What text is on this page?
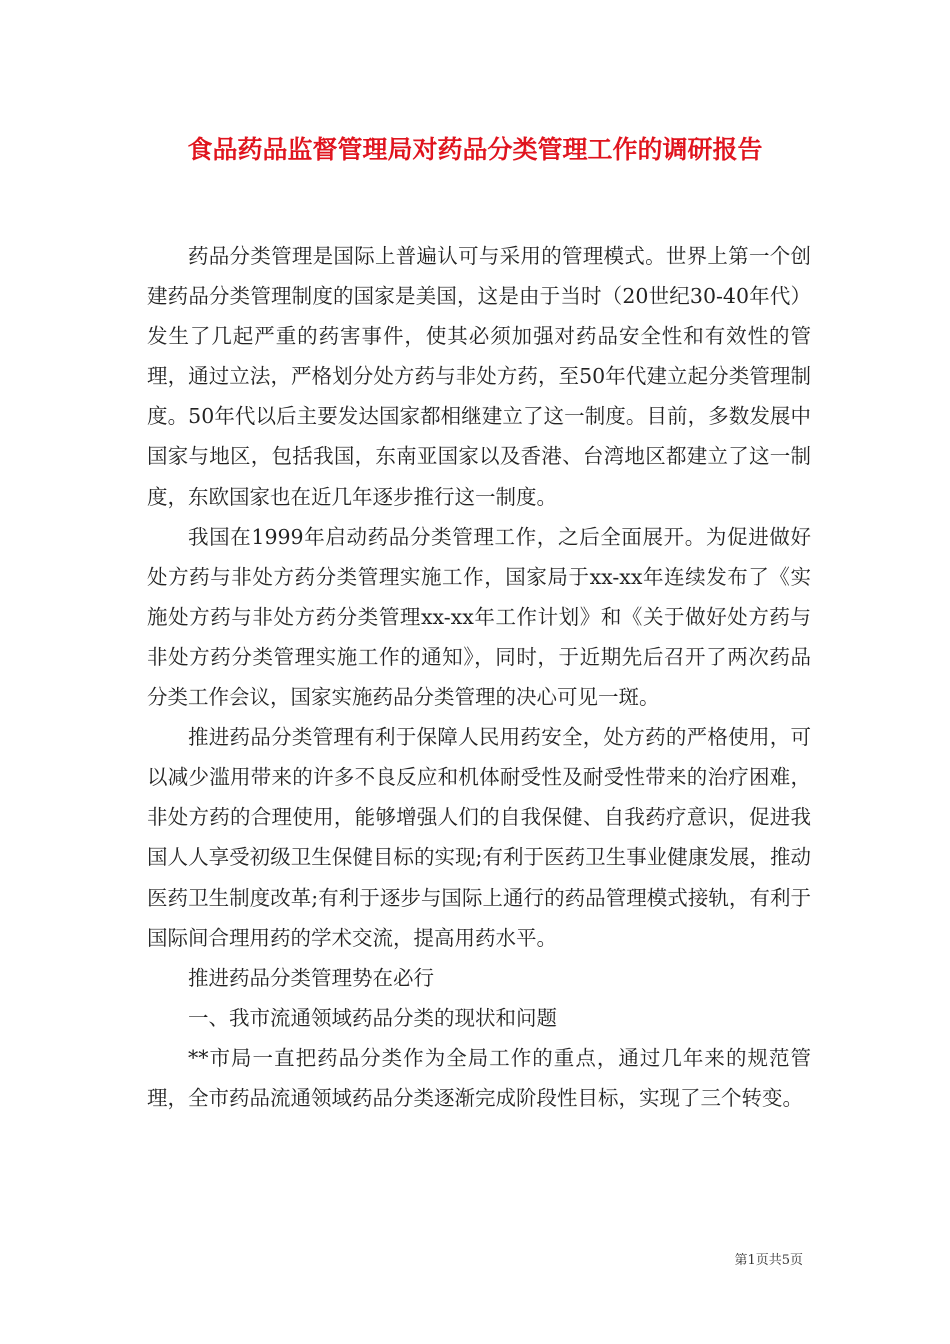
食品药品监督管理局对药品分类管理工作的调研报告

药品分类管理是国际上普遍认可与采用的管理模式。世界上第一个创建药品分类管理制度的国家是美国，这是由于当时（20世纪30-40年代）发生了几起严重的药害事件，使其必须加强对药品安全性和有效性的管理，通过立法，严格划分处方药与非处方药，至50年代建立起分类管理制度。50年代以后主要发达国家都相继建立了这一制度。目前，多数发展中国家与地区，包括我国，东南亚国家以及香港、台湾地区都建立了这一制度，东欧国家也在近几年逐步推行这一制度。

我国在1999年启动药品分类管理工作，之后全面展开。为促进做好处方药与非处方药分类管理实施工作，国家局于xx-xx年连续发布了《实施处方药与非处方药分类管理xx-xx年工作计划》和《关于做好处方药与非处方药分类管理实施工作的通知》，同时，于近期先后召开了两次药品分类工作会议，国家实施药品分类管理的决心可见一斑。

推进药品分类管理有利于保障人民用药安全，处方药的严格使用，可以减少滥用带来的许多不良反应和机体耐受性及耐受性带来的治疗困难，非处方药的合理使用，能够增强人们的自我保健、自我药疗意识，促进我国人人享受初级卫生保健目标的实现;有利于医药卫生事业健康发展，推动医药卫生制度改革;有利于逐步与国际上通行的药品管理模式接轨，有利于国际间合理用药的学术交流，提高用药水平。

推进药品分类管理势在必行

一、我市流通领域药品分类的现状和问题

**市局一直把药品分类作为全局工作的重点，通过几年来的规范管理，全市药品流通领域药品分类逐渐完成阶段性目标，实现了三个转变。

第1页共5页
